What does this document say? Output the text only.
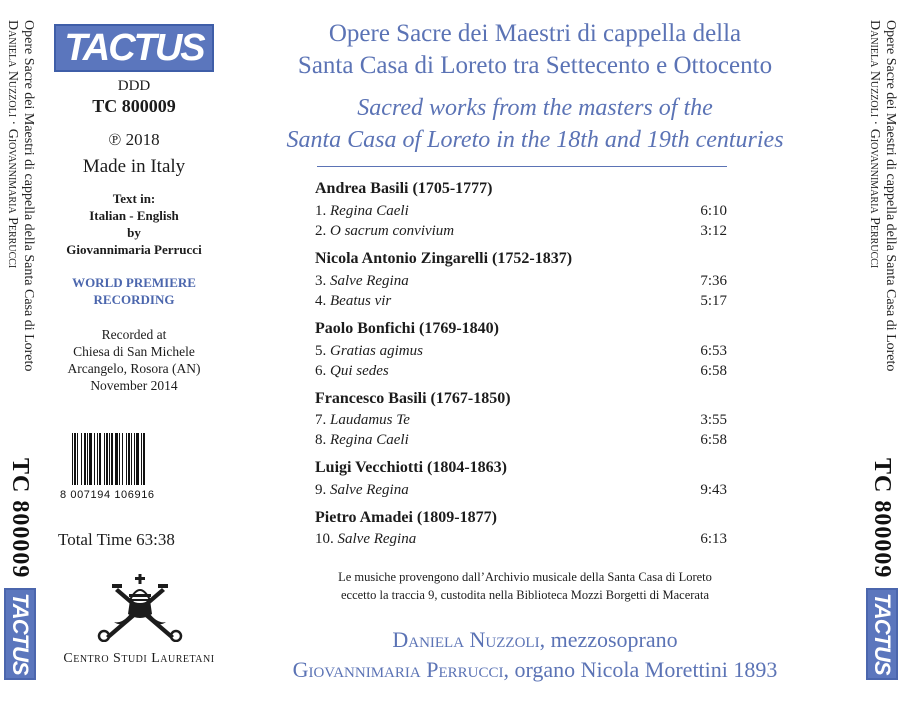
Opere Sacre dei Maestri di cappella della Santa Casa di Loreto
Daniela Nuzzoli · Giovannimaria Perrucci
TC 800009
TACTUS
Opere Sacre dei Maestri di cappella della Santa Casa di Loreto
Daniela Nuzzoli · Giovannimaria Perrucci
TC 800009
TACTUS
TACTUS
DDD
TC 800009
℗ 2018
Made in Italy
Text in:
Italian - English
by
Giovannimaria Perrucci
WORLD PREMIERE
RECORDING
Recorded at
Chiesa di San Michele
Arcangelo, Rosora (AN)
November 2014
8 007194 106916
Total Time 63:38
Centro Studi Lauretani
Opere Sacre dei Maestri di cappella della
Santa Casa di Loreto tra Settecento e Ottocento
Sacred works from the masters of the
Santa Casa of Loreto in the 18th and 19th centuries
Andrea Basili (1705-1777)
1. Regina Caeli	6:10
2. O sacrum convivium	3:12
Nicola Antonio Zingarelli (1752-1837)
3. Salve Regina	7:36
4. Beatus vir	5:17
Paolo Bonfichi (1769-1840)
5. Gratias agimus	6:53
6. Qui sedes	6:58
Francesco Basili (1767-1850)
7. Laudamus Te	3:55
8. Regina Caeli	6:58
Luigi Vecchiotti (1804-1863)
9. Salve Regina	9:43
Pietro Amadei (1809-1877)
10. Salve Regina	6:13
Le musiche provengono dall’Archivio musicale della Santa Casa di Loreto
eccetto la traccia 9, custodita nella Biblioteca Mozzi Borgetti di Macerata
Daniela Nuzzoli, mezzosoprano
Giovannimaria Perrucci, organo Nicola Morettini 1893
